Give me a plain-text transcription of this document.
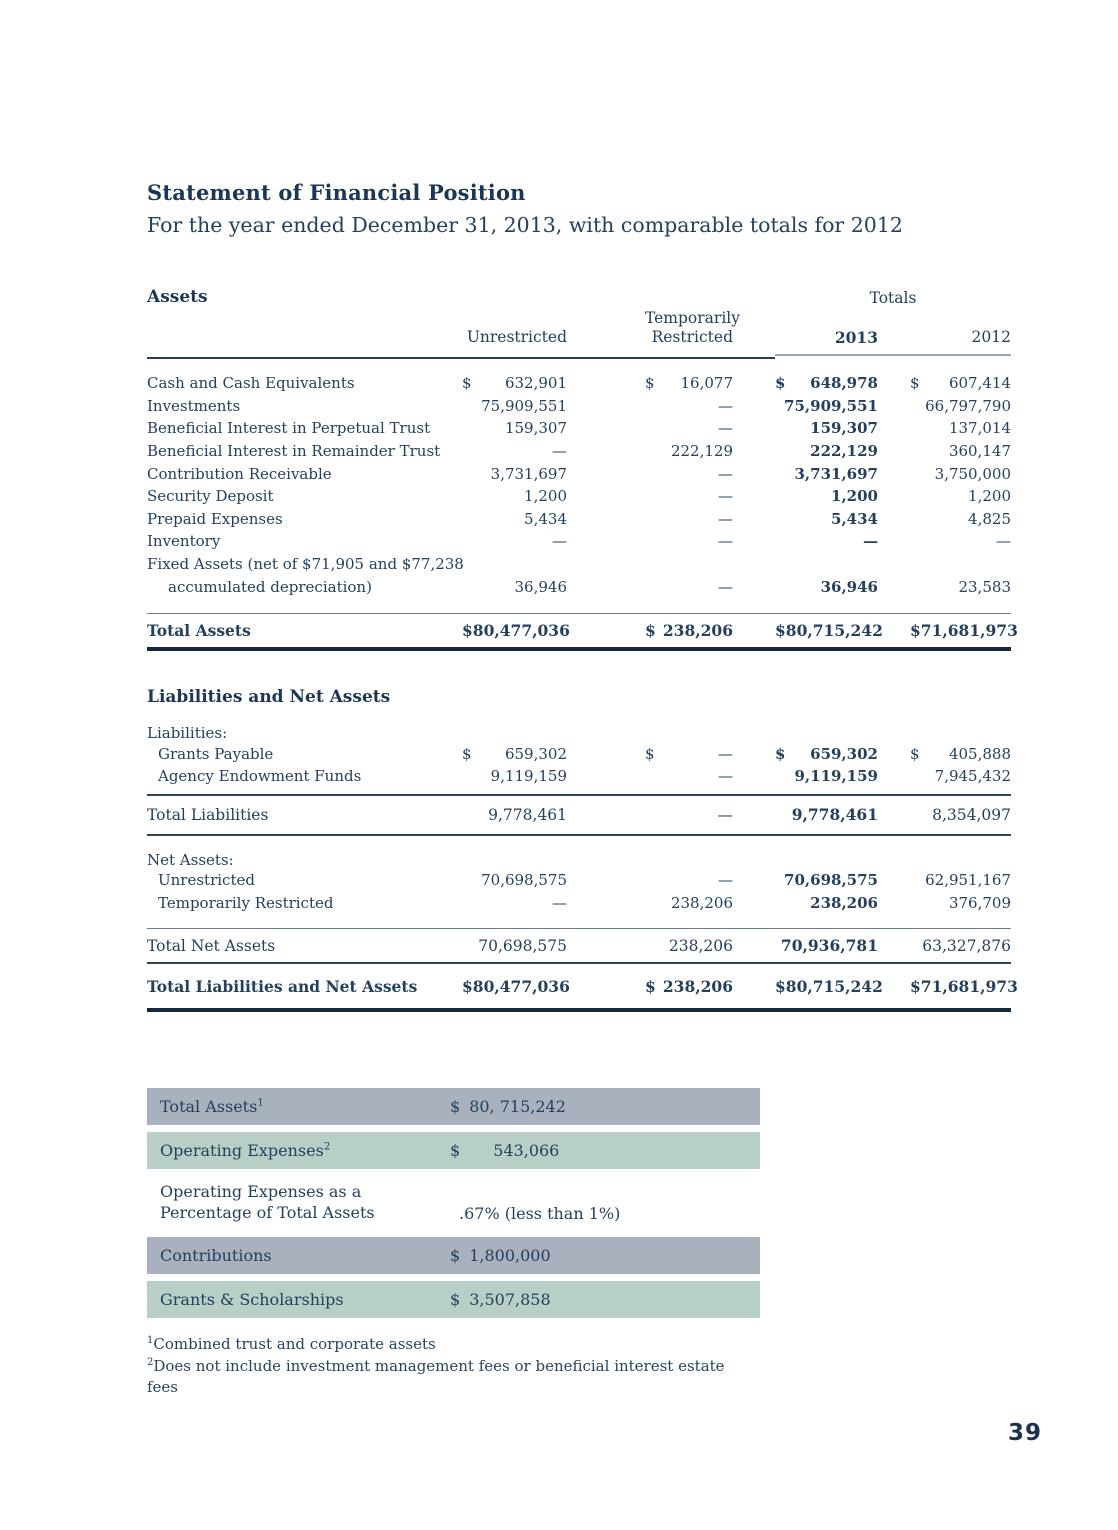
Statement of Financial Position
For the year ended December 31, 2013, with comparable totals for 2012
Assets	Totals
Unrestricted
Temporarily
Restricted	2013	2012
Cash and Cash Equivalents	$	632,901	$	16,077	$	648,978 $	607,414
Investments	75,909,551	—	75,909,551	66,797,790
Beneficial Interest in Perpetual Trust	159,307	—	159,307	137,014
Beneficial Interest in Remainder Trust	—	222,129	222,129	360,147
Contribution Receivable	3,731,697	—	3,731,697	3,750,000
Security Deposit	1,200	—	1,200	1,200
Prepaid Expenses	5,434	—	5,434	4,825
Inventory	—	—	—	—
Fixed Assets (net of $71,905 and $77,238
accumulated depreciation)	36,946	—	36,946	23,583
Total Assets	$ 80,477,036	$ 238,206	$ 80,715,242 $ 71,681,973
Liabilities and Net Assets
Liabilities:
Grants Payable	$	659,302	$	—	$	659,302 $	405,888
Agency Endowment Funds	9,119,159	—	9,119,159	7,945,432
Total Liabilities	9,778,461	—	9,778,461	8,354,097
Net Assets:
Unrestricted	70,698,575	—	70,698,575	62,951,167
Temporarily Restricted	—	238,206	238,206	376,709
Total Net Assets	70,698,575	238,206	70,936,781	63,327,876
Total Liabilities and Net Assets	$ 80,477,036	$ 238,206	$ 80,715,242 $ 71,681,973
Total Assets$^1$	$ 80, 715,242
Operating Expenses$^2$	$ 543,066
Operating Expenses as a
Percentage of Total Assets	.67% (less than 1%)
Contributions	$ 1,800,000
Grants & Scholarships	$ 3,507,858
$^1$Combined trust and corporate assets
$^2$Does not include investment management fees or beneficial interest estate fees
39
